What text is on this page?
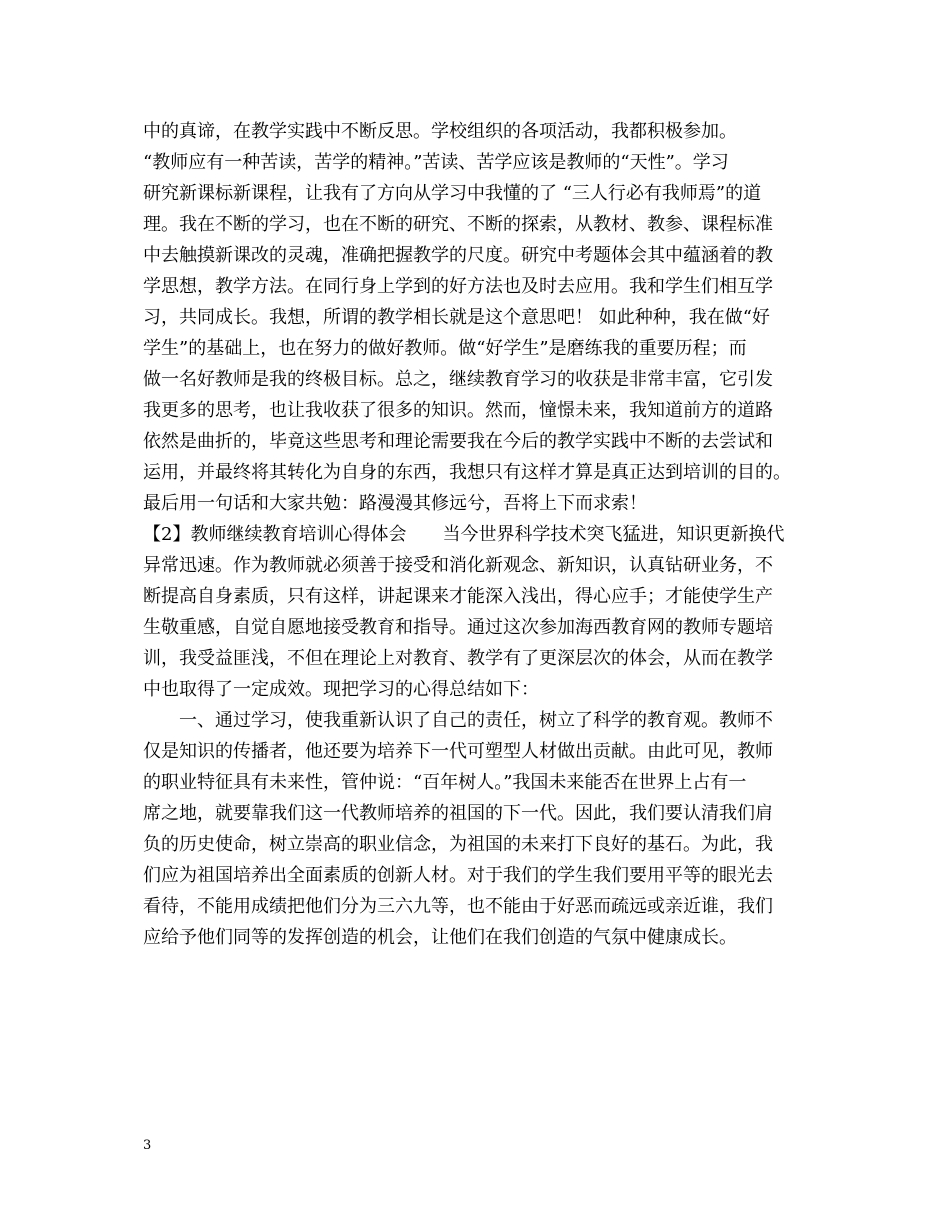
中的真谛，在教学实践中不断反思。学校组织的各项活动，我都积极参加。
“教师应有一种苦读，苦学的精神。”苦读、苦学应该是教师的“天性”。学习
研究新课标新课程，让我有了方向从学习中我懂的了 “三人行必有我师焉”的道
理。我在不断的学习，也在不断的研究、不断的探索，从教材、教参、课程标准
中去触摸新课改的灵魂，准确把握教学的尺度。研究中考题体会其中蕴涵着的教
学思想，教学方法。在同行身上学到的好方法也及时去应用。我和学生们相互学
习，共同成长。我想，所谓的教学相长就是这个意思吧！ 如此种种，我在做“好
学生”的基础上，也在努力的做好教师。做“好学生”是磨练我的重要历程；而
做一名好教师是我的终极目标。总之，继续教育学习的收获是非常丰富，它引发
我更多的思考，也让我收获了很多的知识。然而，憧憬未来，我知道前方的道路
依然是曲折的，毕竟这些思考和理论需要我在今后的教学实践中不断的去尝试和
运用，并最终将其转化为自身的东西，我想只有这样才算是真正达到培训的目的。
最后用一句话和大家共勉：路漫漫其修远兮，吾将上下而求索！
【2】教师继续教育培训心得体会　　当今世界科学技术突飞猛进，知识更新换代
异常迅速。作为教师就必须善于接受和消化新观念、新知识，认真钻研业务，不
断提高自身素质，只有这样，讲起课来才能深入浅出，得心应手；才能使学生产
生敬重感，自觉自愿地接受教育和指导。通过这次参加海西教育网的教师专题培
训，我受益匪浅，不但在理论上对教育、教学有了更深层次的体会，从而在教学
中也取得了一定成效。现把学习的心得总结如下：
一、通过学习，使我重新认识了自己的责任，树立了科学的教育观。教师不
仅是知识的传播者，他还要为培养下一代可塑型人材做出贡献。由此可见，教师
的职业特征具有未来性，管仲说：“百年树人。”我国未来能否在世界上占有一
席之地，就要靠我们这一代教师培养的祖国的下一代。因此，我们要认清我们肩
负的历史使命，树立崇高的职业信念，为祖国的未来打下良好的基石。为此，我
们应为祖国培养出全面素质的创新人材。对于我们的学生我们要用平等的眼光去
看待，不能用成绩把他们分为三六九等，也不能由于好恶而疏远或亲近谁，我们
应给予他们同等的发挥创造的机会，让他们在我们创造的气氛中健康成长。
3
